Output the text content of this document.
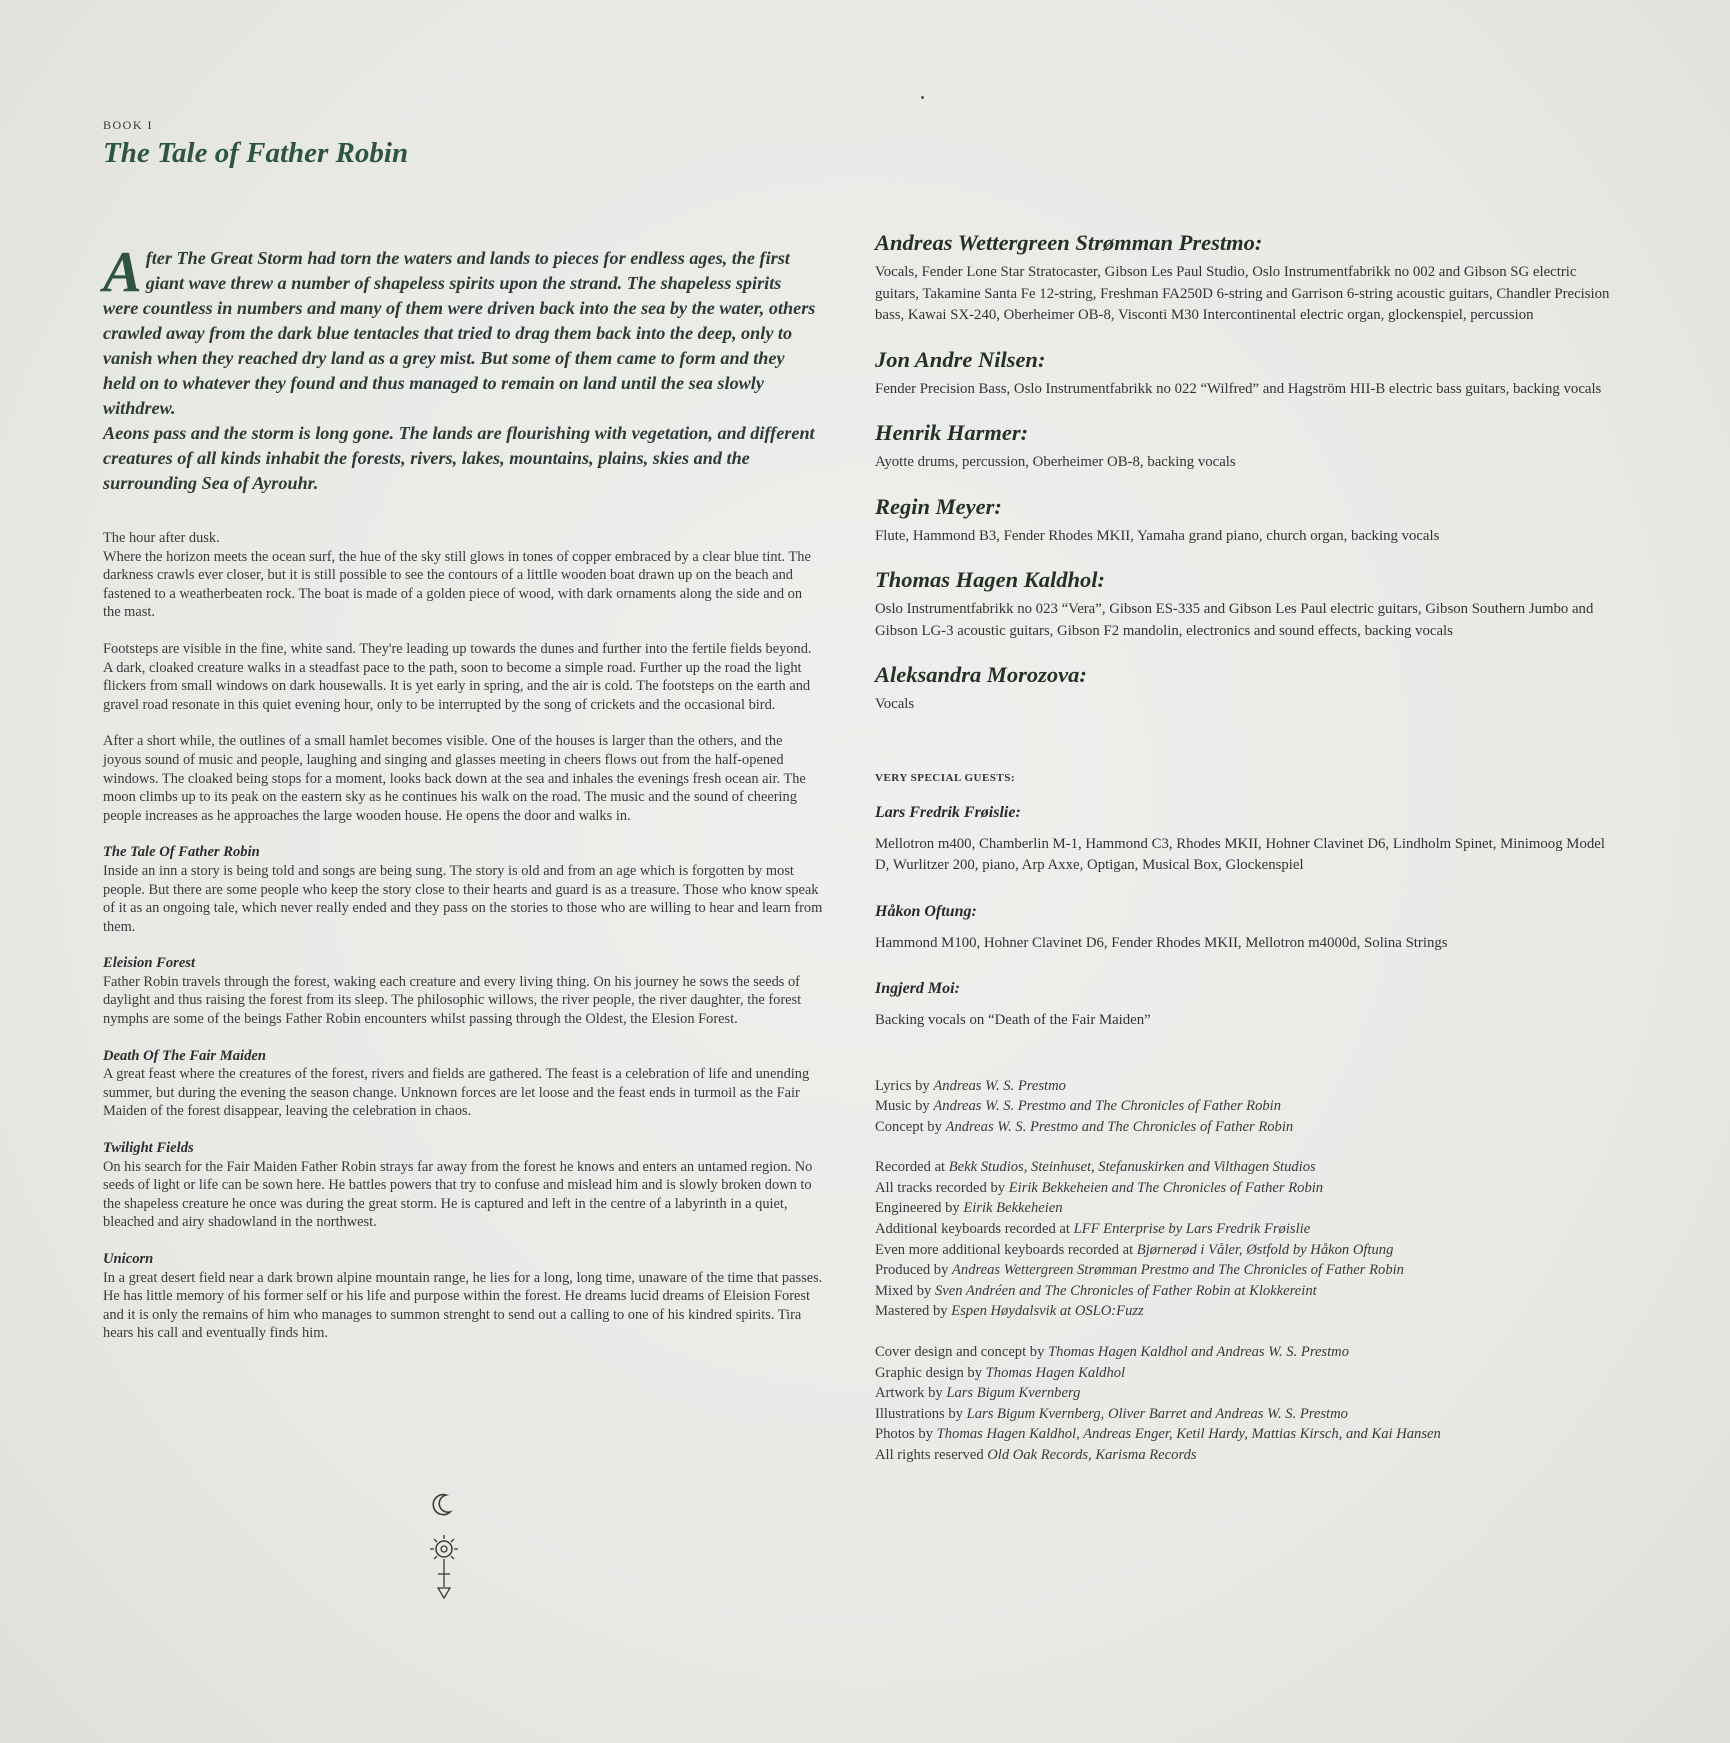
BOOK I
The Tale of Father Robin
After The Great Storm had torn the waters and lands to pieces for endless ages, the first giant wave threw a number of shapeless spirits upon the strand. The shapeless spirits were countless in numbers and many of them were driven back into the sea by the water, others crawled away from the dark blue tentacles that tried to drag them back into the deep, only to vanish when they reached dry land as a grey mist. But some of them came to form and they held on to whatever they found and thus managed to remain on land until the sea slowly withdrew.
Aeons pass and the storm is long gone. The lands are flourishing with vegetation, and different creatures of all kinds inhabit the forests, rivers, lakes, mountains, plains, skies and the surrounding Sea of Ayrouhr.

The hour after dusk.
Where the horizon meets the ocean surf, the hue of the sky still glows in tones of copper embraced by a clear blue tint. The darkness crawls ever closer, but it is still possible to see the contours of a littlle wooden boat drawn up on the beach and fastened to a weatherbeaten rock. The boat is made of a golden piece of wood, with dark ornaments along the side and on the mast.

Footsteps are visible in the fine, white sand. They're leading up towards the dunes and further into the fertile fields beyond. A dark, cloaked creature walks in a steadfast pace to the path, soon to become a simple road. Further up the road the light flickers from small windows on dark housewalls. It is yet early in spring, and the air is cold. The footsteps on the earth and gravel road resonate in this quiet evening hour, only to be interrupted by the song of crickets and the occasional bird.

After a short while, the outlines of a small hamlet becomes visible. One of the houses is larger than the others, and the joyous sound of music and people, laughing and singing and glasses meeting in cheers flows out from the half-opened windows. The cloaked being stops for a moment, looks back down at the sea and inhales the evenings fresh ocean air. The moon climbs up to its peak on the eastern sky as he continues his walk on the road. The music and the sound of cheering people increases as he approaches the large wooden house. He opens the door and walks in.

The Tale Of Father Robin
Inside an inn a story is being told and songs are being sung. The story is old and from an age which is forgotten by most people. But there are some people who keep the story close to their hearts and guard is as a treasure. Those who know speak of it as an ongoing tale, which never really ended and they pass on the stories to those who are willing to hear and learn from them.
Eleision Forest
Father Robin travels through the forest, waking each creature and every living thing. On his journey he sows the seeds of daylight and thus raising the forest from its sleep. The philosophic willows, the river people, the river daughter, the forest nymphs are some of the beings Father Robin encounters whilst passing through the Oldest, the Elesion Forest.
Death Of The Fair Maiden
A great feast where the creatures of the forest, rivers and fields are gathered. The feast is a celebration of life and unending summer, but during the evening the season change. Unknown forces are let loose and the feast ends in turmoil as the Fair Maiden of the forest disappear, leaving the celebration in chaos.
Twilight Fields
On his search for the Fair Maiden Father Robin strays far away from the forest he knows and enters an untamed region. No seeds of light or life can be sown here. He battles powers that try to confuse and mislead him and is slowly broken down to the shapeless creature he once was during the great storm. He is captured and left in the centre of a labyrinth in a quiet, bleached and airy shadowland in the northwest.
Unicorn
In a great desert field near a dark brown alpine mountain range, he lies for a long, long time, unaware of the time that passes. He has little memory of his former self or his life and purpose within the forest. He dreams lucid dreams of Eleision Forest and it is only the remains of him who manages to summon strenght to send out a calling to one of his kindred spirits. Tira hears his call and eventually finds him.
Andreas Wettergreen Strømman Prestmo:
Vocals, Fender Lone Star Stratocaster, Gibson Les Paul Studio, Oslo Instrumentfabrikk no 002 and Gibson SG electric guitars, Takamine Santa Fe 12-string, Freshman FA250D 6-string and Garrison 6-string acoustic guitars, Chandler Precision bass, Kawai SX-240, Oberheimer OB-8, Visconti M30 Intercontinental electric organ, glockenspiel, percussion
Jon Andre Nilsen:
Fender Precision Bass, Oslo Instrumentfabrikk no 022 “Wilfred” and Hagström HII-B electric bass guitars, backing vocals
Henrik Harmer:
Ayotte drums, percussion, Oberheimer OB-8, backing vocals
Regin Meyer:
Flute, Hammond B3, Fender Rhodes MKII, Yamaha grand piano, church organ, backing vocals
Thomas Hagen Kaldhol:
Oslo Instrumentfabrikk no 023 “Vera”, Gibson ES-335 and Gibson Les Paul electric guitars, Gibson Southern Jumbo and Gibson LG-3 acoustic guitars, Gibson F2 mandolin, electronics and sound effects, backing vocals
Aleksandra Morozova:
Vocals
VERY SPECIAL GUESTS:
Lars Fredrik Frøislie:
Mellotron m400, Chamberlin M-1, Hammond C3, Rhodes MKII, Hohner Clavinet D6, Lindholm Spinet, Minimoog Model D, Wurlitzer 200, piano, Arp Axxe, Optigan, Musical Box, Glockenspiel
Håkon Oftung:
Hammond M100, Hohner Clavinet D6, Fender Rhodes MKII, Mellotron m4000d, Solina Strings
Ingjerd Moi:
Backing vocals on “Death of the Fair Maiden”
Lyrics by Andreas W. S. Prestmo
Music by Andreas W. S. Prestmo and The Chronicles of Father Robin
Concept by Andreas W. S. Prestmo and The Chronicles of Father Robin
Recorded at Bekk Studios, Steinhuset, Stefanuskirken and Vilthagen Studios
All tracks recorded by Eirik Bekkeheien and The Chronicles of Father Robin
Engineered by Eirik Bekkeheien
Additional keyboards recorded at LFF Enterprise by Lars Fredrik Frøislie
Even more additional keyboards recorded at Bjørnerød i Våler, Østfold by Håkon Oftung
Produced by Andreas Wettergreen Strømman Prestmo and The Chronicles of Father Robin
Mixed by Sven Andréen and The Chronicles of Father Robin at Klokkereint
Mastered by Espen Høydalsvik at OSLO:Fuzz
Cover design and concept by Thomas Hagen Kaldhol and Andreas W. S. Prestmo
Graphic design by Thomas Hagen Kaldhol
Artwork by Lars Bigum Kvernberg
Illustrations by Lars Bigum Kvernberg, Oliver Barret and Andreas W. S. Prestmo
Photos by Thomas Hagen Kaldhol, Andreas Enger, Ketil Hardy, Mattias Kirsch, and Kai Hansen
All rights reserved Old Oak Records, Karisma Records
